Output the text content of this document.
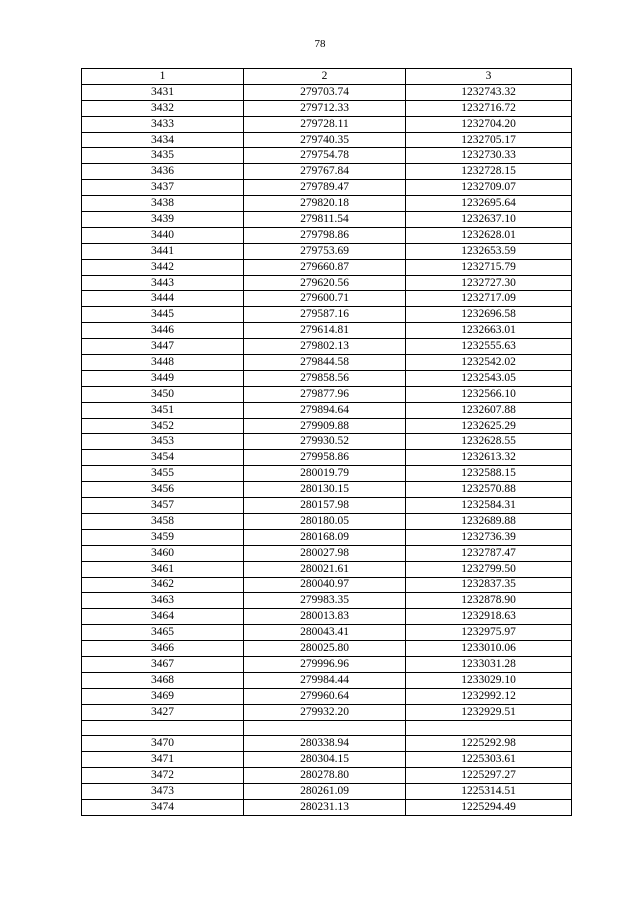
78
1	2	3
3431	279703.74	1232743.32
3432	279712.33	1232716.72
3433	279728.11	1232704.20
3434	279740.35	1232705.17
3435	279754.78	1232730.33
3436	279767.84	1232728.15
3437	279789.47	1232709.07
3438	279820.18	1232695.64
3439	279811.54	1232637.10
3440	279798.86	1232628.01
3441	279753.69	1232653.59
3442	279660.87	1232715.79
3443	279620.56	1232727.30
3444	279600.71	1232717.09
3445	279587.16	1232696.58
3446	279614.81	1232663.01
3447	279802.13	1232555.63
3448	279844.58	1232542.02
3449	279858.56	1232543.05
3450	279877.96	1232566.10
3451	279894.64	1232607.88
3452	279909.88	1232625.29
3453	279930.52	1232628.55
3454	279958.86	1232613.32
3455	280019.79	1232588.15
3456	280130.15	1232570.88
3457	280157.98	1232584.31
3458	280180.05	1232689.88
3459	280168.09	1232736.39
3460	280027.98	1232787.47
3461	280021.61	1232799.50
3462	280040.97	1232837.35
3463	279983.35	1232878.90
3464	280013.83	1232918.63
3465	280043.41	1232975.97
3466	280025.80	1233010.06
3467	279996.96	1233031.28
3468	279984.44	1233029.10
3469	279960.64	1232992.12
3427	279932.20	1232929.51

3470	280338.94	1225292.98
3471	280304.15	1225303.61
3472	280278.80	1225297.27
3473	280261.09	1225314.51
3474	280231.13	1225294.49
